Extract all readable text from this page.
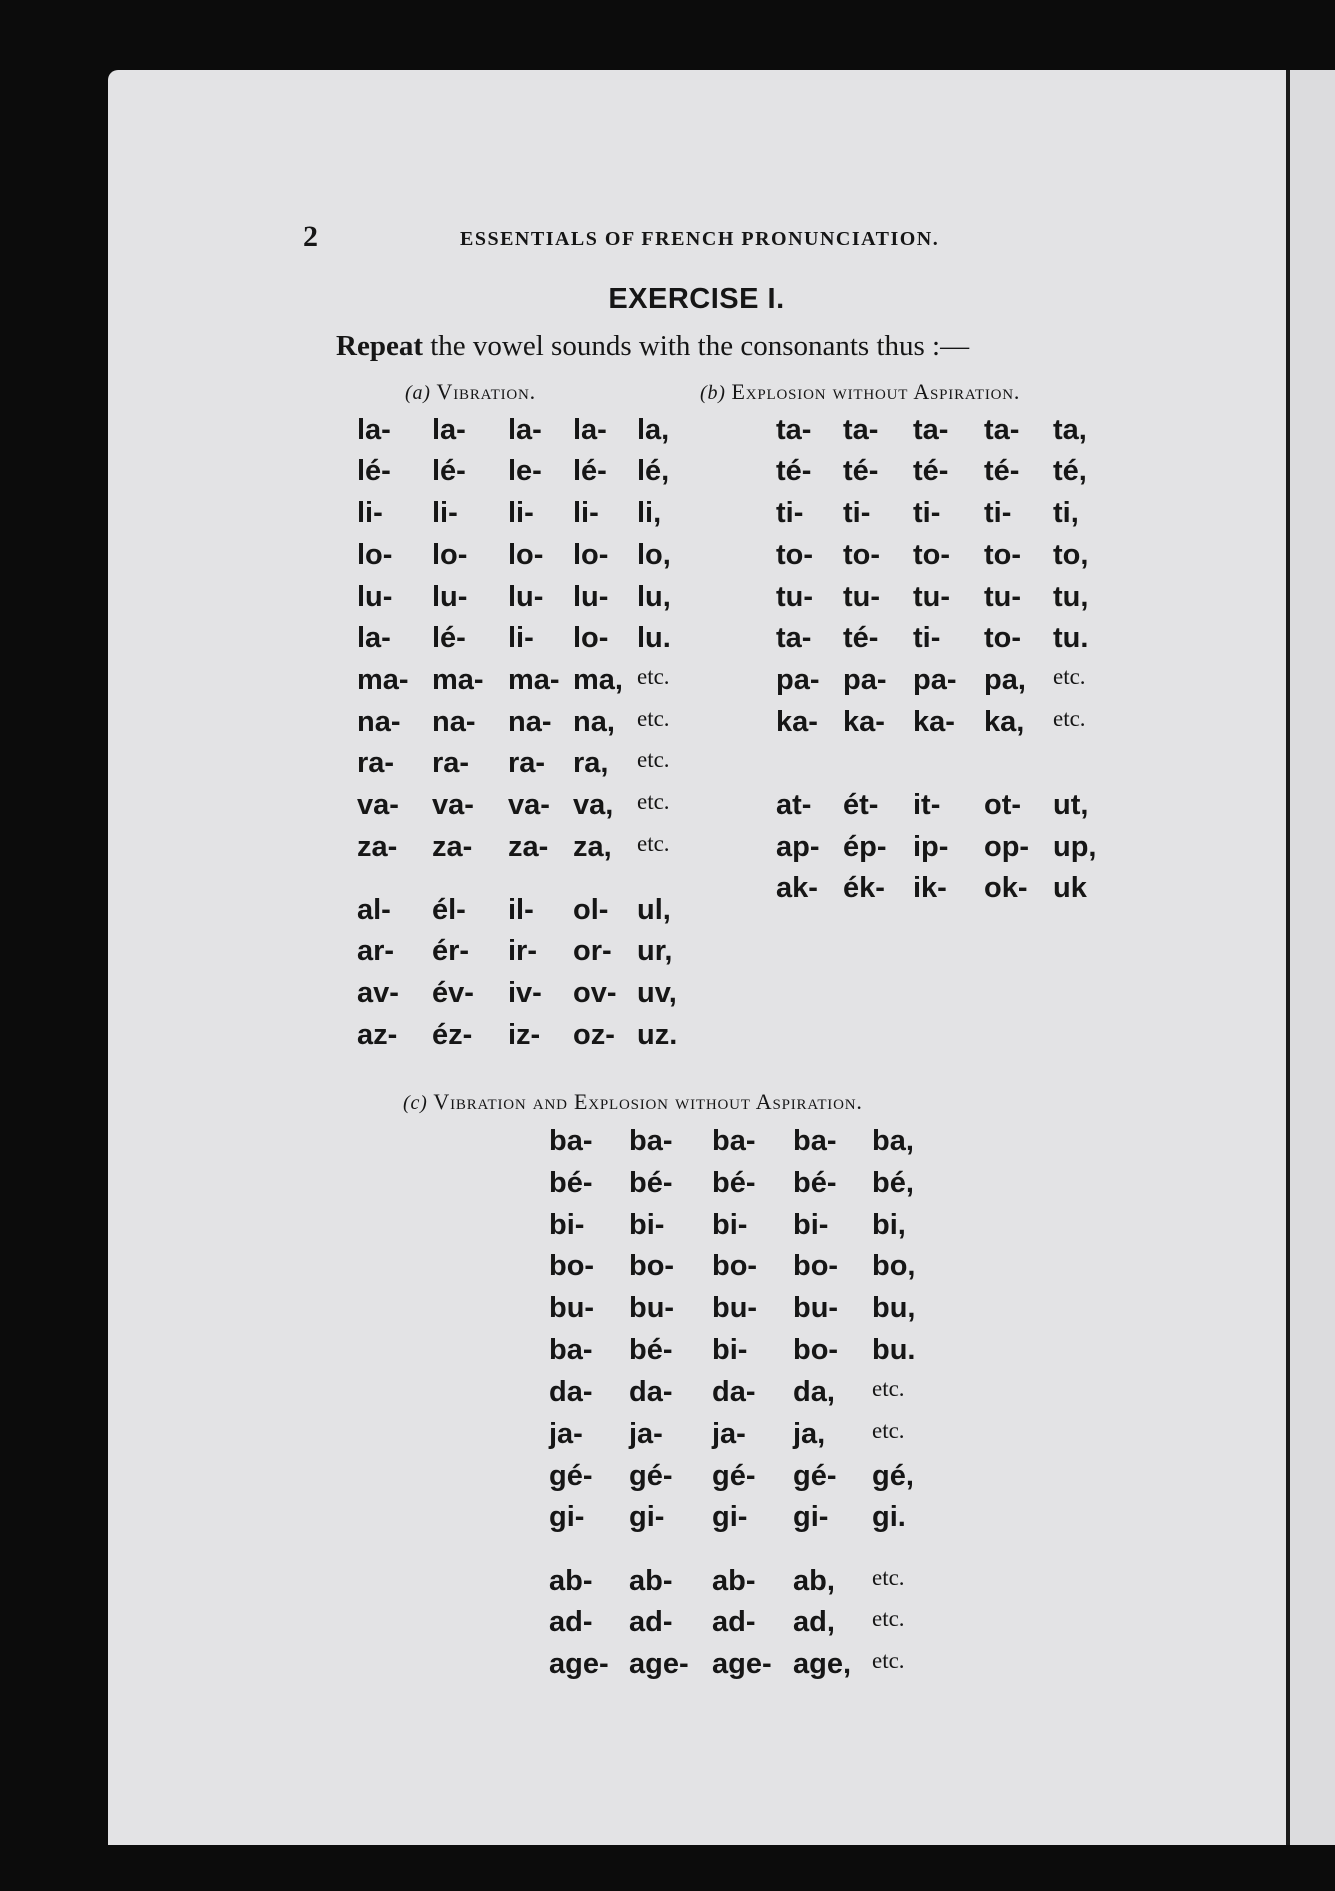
2	ESSENTIALS OF FRENCH PRONUNCIATION.
EXERCISE I.
Repeat the vowel sounds with the consonants thus :—
(a) Vibration.	(b) Explosion without Aspiration.
(c) Vibration and Explosion without Aspiration.
la- la- la- la- la,
lé- lé- le- lé- lé,
li- li- li- li- li,
lo- lo- lo- lo- lo,
lu- lu- lu- lu- lu,
la- lé- li- lo- lu.
ma- ma- ma- ma, etc.
na- na- na- na, etc.
ra- ra- ra- ra, etc.
va- va- va- va, etc.
za- za- za- za, etc.
al- él- il- ol- ul,
ar- ér- ir- or- ur,
av- év- iv- ov- uv,
az- éz- iz- oz- uz.
ta- ta- ta- ta- ta,
té- té- té- té- té,
ti- ti- ti- ti- ti,
to- to- to- to- to,
tu- tu- tu- tu- tu,
ta- té- ti- to- tu.
pa- pa- pa- pa, etc.
ka- ka- ka- ka, etc.
at- ét- it- ot- ut,
ap- ép- ip- op- up,
ak- ék- ik- ok- uk
ba- ba- ba- ba- ba,
bé- bé- bé- bé- bé,
bi- bi- bi- bi- bi,
bo- bo- bo- bo- bo,
bu- bu- bu- bu- bu,
ba- bé- bi- bo- bu.
da- da- da- da, etc.
ja- ja- ja- ja, etc.
gé- gé- gé- gé- gé,
gi- gi- gi- gi- gi.
ab- ab- ab- ab, etc.
ad- ad- ad- ad, etc.
age- age- age- age, etc.
